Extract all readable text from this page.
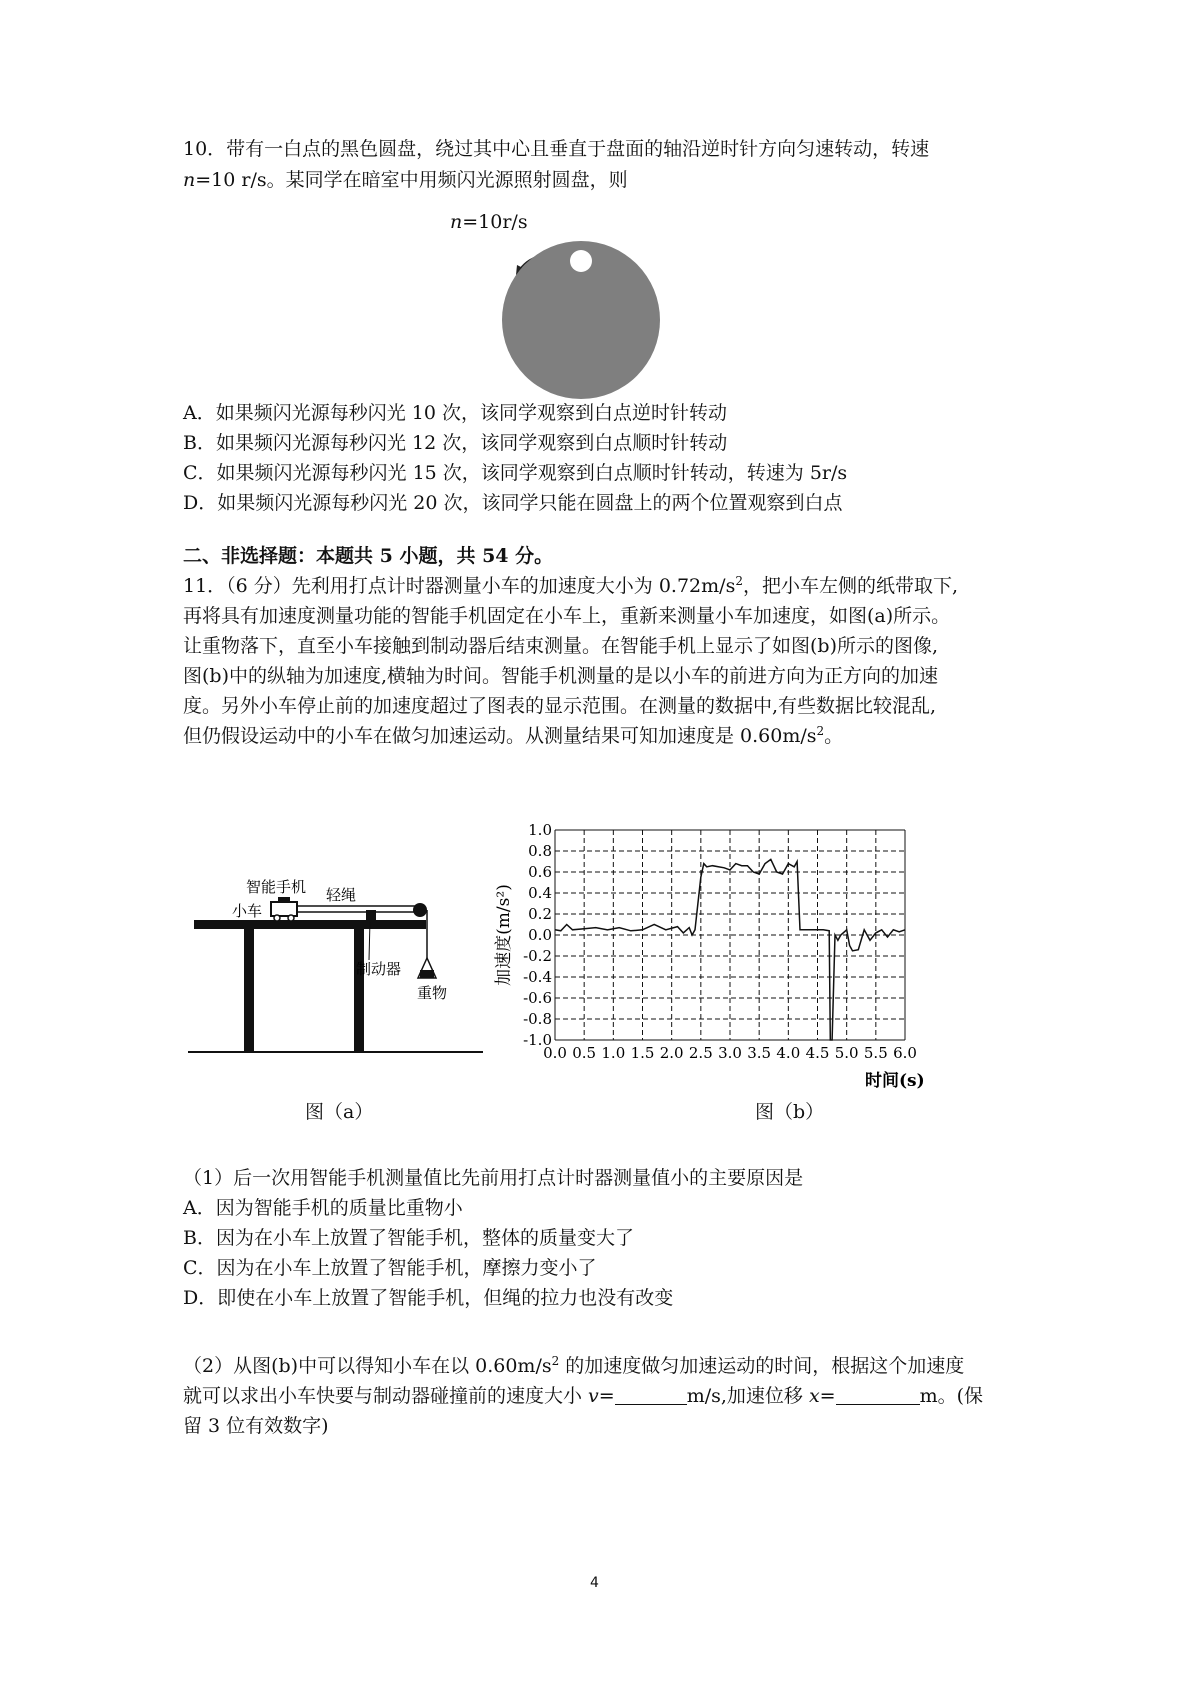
10．带有一白点的黑色圆盘，绕过其中心且垂直于盘面的轴沿逆时针方向匀速转动，转速
n=10 r/s。某同学在暗室中用频闪光源照射圆盘，则
n=10r/s
A．如果频闪光源每秒闪光 10 次，该同学观察到白点逆时针转动
B．如果频闪光源每秒闪光 12 次，该同学观察到白点顺时针转动
C．如果频闪光源每秒闪光 15 次，该同学观察到白点顺时针转动，转速为 5r/s
D．如果频闪光源每秒闪光 20 次，该同学只能在圆盘上的两个位置观察到白点
二、非选择题：本题共 5 小题，共 54 分。
11．（6 分）先利用打点计时器测量小车的加速度大小为 $0.72m/s^2$，把小车左侧的纸带取下,
再将具有加速度测量功能的智能手机固定在小车上，重新来测量小车加速度，如图(a)所示。
让重物落下，直至小车接触到制动器后结束测量。在智能手机上显示了如图(b)所示的图像,
图(b)中的纵轴为加速度,横轴为时间。智能手机测量的是以小车的前进方向为正方向的加速
度。另外小车停止前的加速度超过了图表的显示范围。在测量的数据中,有些数据比较混乱,
但仍假设运动中的小车在做匀加速运动。从测量结果可知加速度是 $0.60m/s^2$。
智能手机
小车
轻绳
制动器
重物
图（a）
1.0
0.8
0.6
0.4
0.2
0.0
-0.2
-0.4
-0.6
-0.8
-1.0
0.0 0.5 1.0 1.5 2.0 2.5 3.0 3.5 4.0 4.5 5.0 5.5 6.0
加速度(m/s²)
时间(s)
图（b）
（1）后一次用智能手机测量值比先前用打点计时器测量值小的主要原因是
A．因为智能手机的质量比重物小
B．因为在小车上放置了智能手机，整体的质量变大了
C．因为在小车上放置了智能手机，摩擦力变小了
D．即使在小车上放置了智能手机，但绳的拉力也没有改变
（2）从图(b)中可以得知小车在以 $0.60m/s^2$ 的加速度做匀加速运动的时间，根据这个加速度
就可以求出小车快要与制动器碰撞前的速度大小 v=	m/s,加速位移 x=	m。(保
留 3 位有效数字)
4
